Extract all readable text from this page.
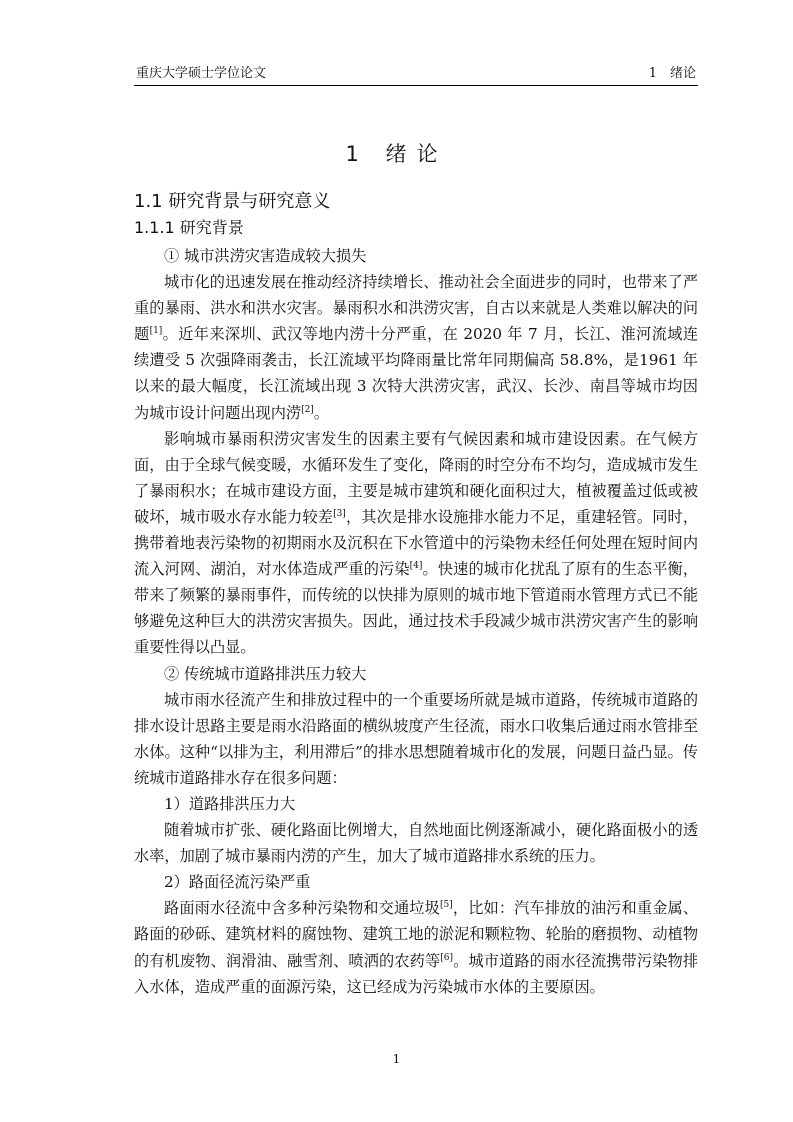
重庆大学硕士学位论文	1　绪论
1 绪论
1.1 研究背景与研究意义
1.1.1 研究背景

① 城市洪涝灾害造成较大损失

城市化的迅速发展在推动经济持续增长、推动社会全面进步的同时，也带来了严重的暴雨、洪水和洪水灾害。暴雨积水和洪涝灾害，自古以来就是人类难以解决的问题[1]。近年来深圳、武汉等地内涝十分严重，在 2020 年 7 月，长江、淮河流域连续遭受 5 次强降雨袭击，长江流域平均降雨量比常年同期偏高 58.8%，是1961 年以来的最大幅度，长江流域出现 3 次特大洪涝灾害，武汉、长沙、南昌等城市均因为城市设计问题出现内涝[2]。

影响城市暴雨积涝灾害发生的因素主要有气候因素和城市建设因素。在气候方面，由于全球气候变暖，水循环发生了变化，降雨的时空分布不均匀，造成城市发生了暴雨积水；在城市建设方面，主要是城市建筑和硬化面积过大，植被覆盖过低或被破坏，城市吸水存水能力较差[3]，其次是排水设施排水能力不足，重建轻管。同时，携带着地表污染物的初期雨水及沉积在下水管道中的污染物未经任何处理在短时间内流入河网、湖泊，对水体造成严重的污染[4]。快速的城市化扰乱了原有的生态平衡，带来了频繁的暴雨事件，而传统的以快排为原则的城市地下管道雨水管理方式已不能够避免这种巨大的洪涝灾害损失。因此，通过技术手段减少城市洪涝灾害产生的影响重要性得以凸显。

② 传统城市道路排洪压力较大

城市雨水径流产生和排放过程中的一个重要场所就是城市道路，传统城市道路的排水设计思路主要是雨水沿路面的横纵坡度产生径流，雨水口收集后通过雨水管排至水体。这种“以排为主，利用滞后”的排水思想随着城市化的发展，问题日益凸显。传统城市道路排水存在很多问题：

1）道路排洪压力大

随着城市扩张、硬化路面比例增大，自然地面比例逐渐减小，硬化路面极小的透水率，加剧了城市暴雨内涝的产生，加大了城市道路排水系统的压力。

2）路面径流污染严重

路面雨水径流中含多种污染物和交通垃圾[5]，比如：汽车排放的油污和重金属、路面的砂砾、建筑材料的腐蚀物、建筑工地的淤泥和颗粒物、轮胎的磨损物、动植物的有机废物、润滑油、融雪剂、喷洒的农药等[6]。城市道路的雨水径流携带污染物排入水体，造成严重的面源污染，这已经成为污染城市水体的主要原因。

1
